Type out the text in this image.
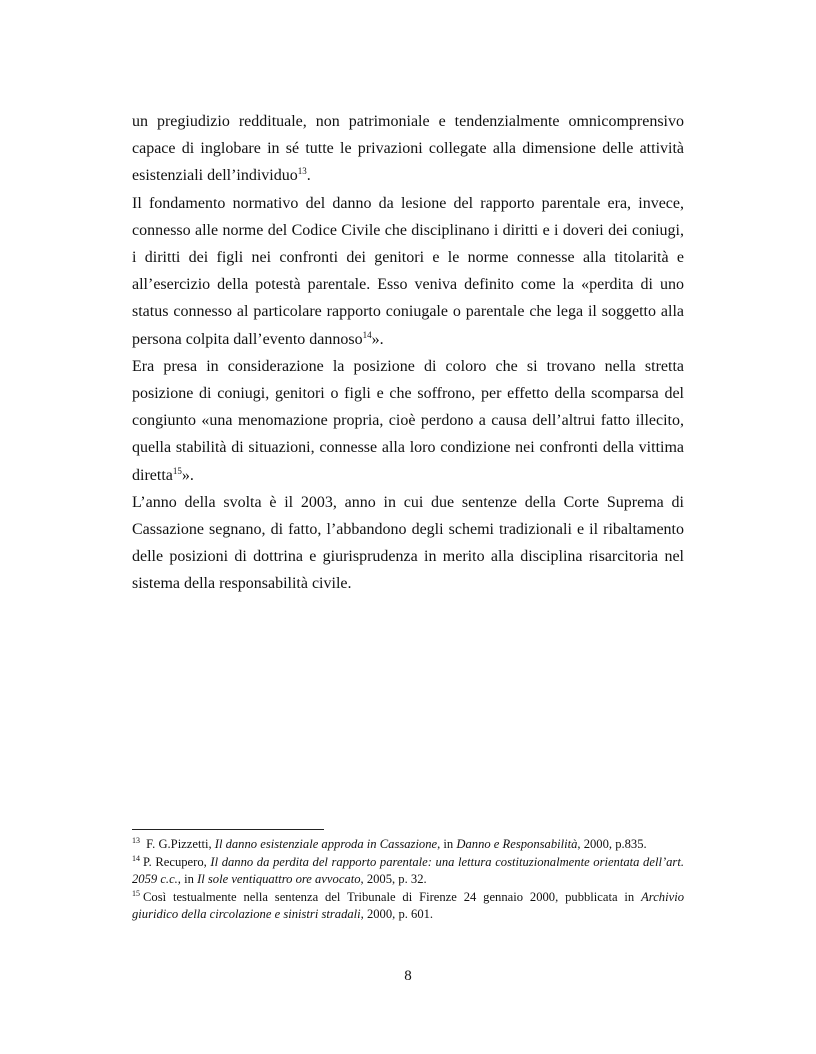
un pregiudizio reddituale, non patrimoniale e tendenzialmente omnicomprensivo capace di inglobare in sé tutte le privazioni collegate alla dimensione delle attività esistenziali dell’individuo$^{13}$.

Il fondamento normativo del danno da lesione del rapporto parentale era, invece, connesso alle norme del Codice Civile che disciplinano i diritti e i doveri dei coniugi, i diritti dei figli nei confronti dei genitori e le norme connesse alla titolarità e all’esercizio della potestà parentale. Esso veniva definito come la «perdita di uno status connesso al particolare rapporto coniugale o parentale che lega il soggetto alla persona colpita dall’evento dannoso$^{14}$».

Era presa in considerazione la posizione di coloro che si trovano nella stretta posizione di coniugi, genitori o figli e che soffrono, per effetto della scomparsa del congiunto «una menomazione propria, cioè perdono a causa dell’altrui fatto illecito, quella stabilità di situazioni, connesse alla loro condizione nei confronti della vittima diretta$^{15}$».

L’anno della svolta è il 2003, anno in cui due sentenze della Corte Suprema di Cassazione segnano, di fatto, l’abbandono degli schemi tradizionali e il ribaltamento delle posizioni di dottrina e giurisprudenza in merito alla disciplina risarcitoria nel sistema della responsabilità civile.

$^{13}$ F. G.Pizzetti, Il danno esistenziale approda in Cassazione, in Danno e Responsabilità, 2000, p.835.

$^{14}$ P. Recupero, Il danno da perdita del rapporto parentale: una lettura costituzionalmente orientata dell’art. 2059 c.c., in Il sole ventiquattro ore avvocato, 2005, p. 32.

$^{15}$ Così testualmente nella sentenza del Tribunale di Firenze 24 gennaio 2000, pubblicata in Archivio giuridico della circolazione e sinistri stradali, 2000, p. 601.

8
